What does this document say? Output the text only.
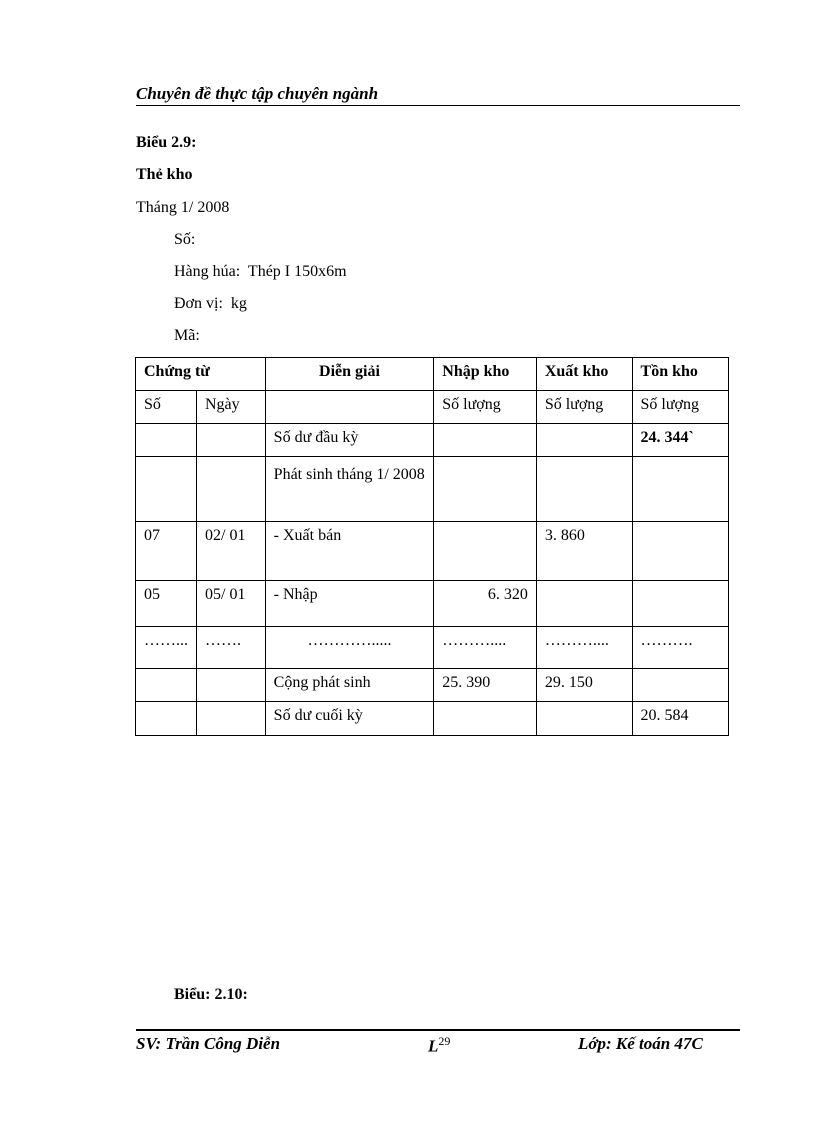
Chuyên đề thực tập chuyên ngành
Biểu 2.9:
Thẻ kho
Tháng 1/ 2008
Số:
Hàng húa:  Thép I 150x6m
Đơn vị:  kg
Mã:
Chứng từ		Diễn giải	Nhập kho	Xuất kho	Tồn kho
Số	Ngày		Số lượng	Số lượng	Số lượng
		Số dư đầu kỳ			24. 344`

		Phát sinh tháng 1/ 2008			

07	02/ 01	- Xuất bán		3. 860	
05	05/ 01	- Nhập	6. 320		
……...	…….	………….....	………....	………....	……….
		Cộng phát sinh	25. 390	29. 150	
		Số dư cuối kỳ			20. 584
Biểu: 2.10:
SV: Trần Công Diễn	$L^{29}$	Lớp: Kế toán 47C
